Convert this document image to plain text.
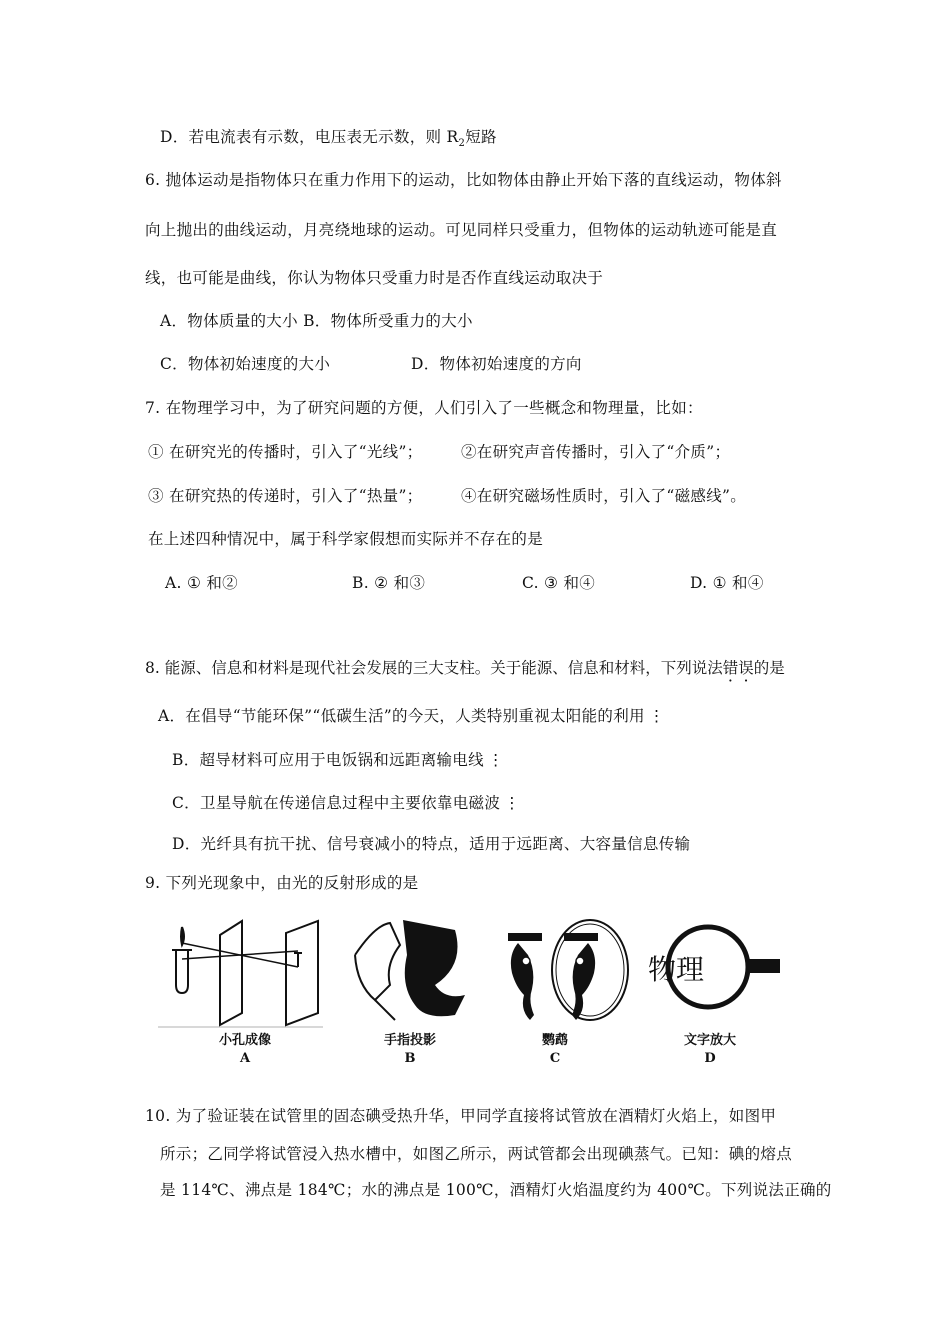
D．若电流表有示数，电压表无示数，则 $R_2$短路
6. 抛体运动是指物体只在重力作用下的运动，比如物体由静止开始下落的直线运动，物体斜
向上抛出的曲线运动，月亮绕地球的运动。可见同样只受重力，但物体的运动轨迹可能是直
线，也可能是曲线，你认为物体只受重力时是否作直线运动取决于
A．物体质量的大小 B．物体所受重力的大小
C．物体初始速度的大小	D．物体初始速度的方向
7. 在物理学习中，为了研究问题的方便，人们引入了一些概念和物理量，比如：
① 在研究光的传播时，引入了“光线”； ②在研究声音传播时，引入了“介质”；
③ 在研究热的传递时，引入了“热量”； ④在研究磁场性质时，引入了“磁感线”。
在上述四种情况中，属于科学家假想而实际并不存在的是
A. ① 和②	B. ② 和③	C. ③ 和④	D. ① 和④
8. 能源、信息和材料是现代社会发展的三大支柱。关于能源、信息和材料，下列说法错误的是
A．在倡导“节能环保”“低碳生活”的今天，人类特别重视太阳能的利用 ⋮
B．超导材料可应用于电饭锅和远距离输电线 ⋮
C．卫星导航在传递信息过程中主要依靠电磁波 ⋮
D．光纤具有抗干扰、信号衰减小的特点，适用于远距离、大容量信息传输
9. 下列光现象中，由光的反射形成的是
小孔成像
A
手指投影
B
鹦鹉
C
物理
文字放大
D
10. 为了验证装在试管里的固态碘受热升华，甲同学直接将试管放在酒精灯火焰上，如图甲
所示；乙同学将试管浸入热水槽中，如图乙所示，两试管都会出现碘蒸气。已知：碘的熔点
是 114℃、沸点是 184℃；水的沸点是 100℃，酒精灯火焰温度约为 400℃。下列说法正确的
